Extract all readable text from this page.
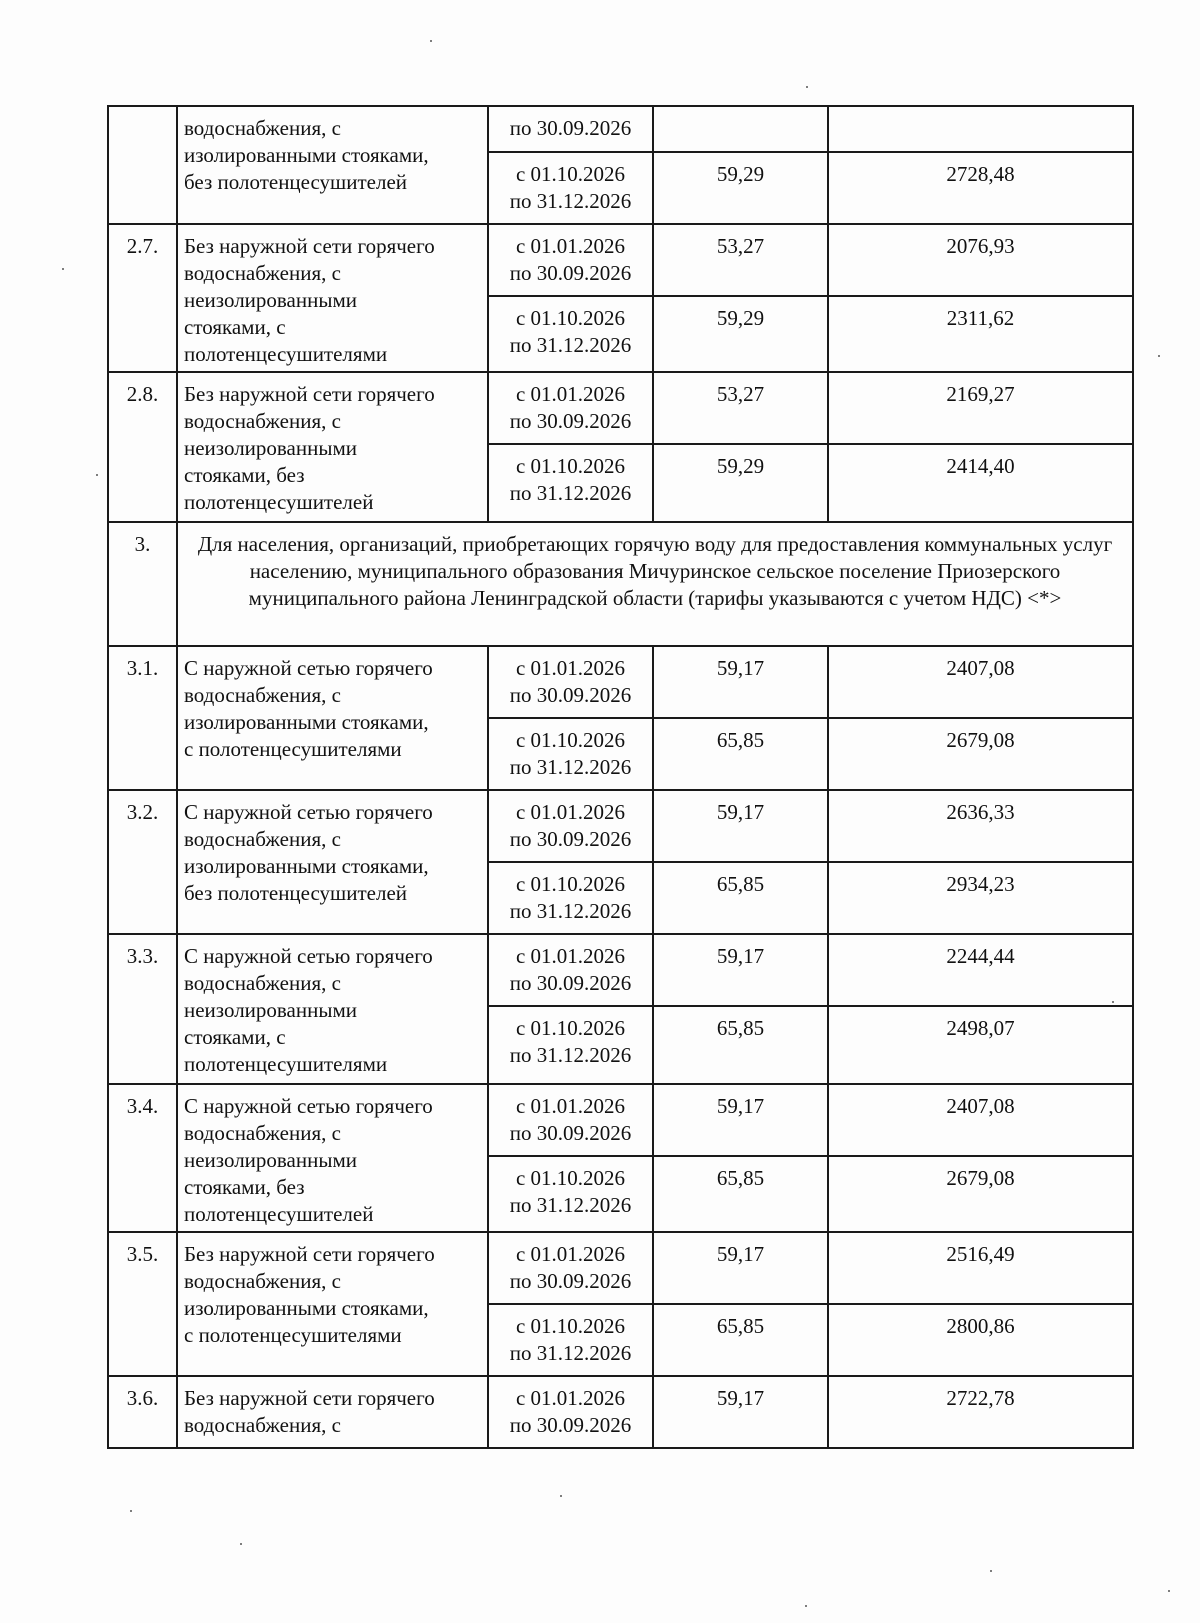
	водоснабжения, с
изолированными стояками,
без полотенцесушителей	по 30.09.2026		

		с 01.10.2026
по 31.12.2026	59,29	2728,48

2.7.	Без наружной сети горячего
водоснабжения, с
неизолированными
стояками, с
полотенцесушителями	с 01.01.2026
по 30.09.2026	53,27	2076,93

		с 01.10.2026
по 31.12.2026	59,29	2311,62

2.8.	Без наружной сети горячего
водоснабжения, с
неизолированными
стояками, без
полотенцесушителей	с 01.01.2026
по 30.09.2026	53,27	2169,27

		с 01.10.2026
по 31.12.2026	59,29	2414,40

3.	Для населения, организаций, приобретающих горячую воду для предоставления коммунальных услуг населению, муниципального образования Мичуринское сельское поселение Приозерского муниципального района Ленинградской области (тарифы указываются с учетом НДС) <*>			

3.1.	С наружной сетью горячего
водоснабжения, с
изолированными стояками,
с полотенцесушителями	с 01.01.2026
по 30.09.2026	59,17	2407,08

		с 01.10.2026
по 31.12.2026	65,85	2679,08

3.2.	С наружной сетью горячего
водоснабжения, с
изолированными стояками,
без полотенцесушителей	с 01.01.2026
по 30.09.2026	59,17	2636,33

		с 01.10.2026
по 31.12.2026	65,85	2934,23

3.3.	С наружной сетью горячего
водоснабжения, с
неизолированными
стояками, с
полотенцесушителями	с 01.01.2026
по 30.09.2026	59,17	2244,44

		с 01.10.2026
по 31.12.2026	65,85	2498,07

3.4.	С наружной сетью горячего
водоснабжения, с
неизолированными
стояками, без
полотенцесушителей	с 01.01.2026
по 30.09.2026	59,17	2407,08

		с 01.10.2026
по 31.12.2026	65,85	2679,08

3.5.	Без наружной сети горячего
водоснабжения, с
изолированными стояками,
с полотенцесушителями	с 01.01.2026
по 30.09.2026	59,17	2516,49

		с 01.10.2026
по 31.12.2026	65,85	2800,86

3.6.	Без наружной сети горячего
водоснабжения, с	с 01.01.2026
по 30.09.2026	59,17	2722,78
